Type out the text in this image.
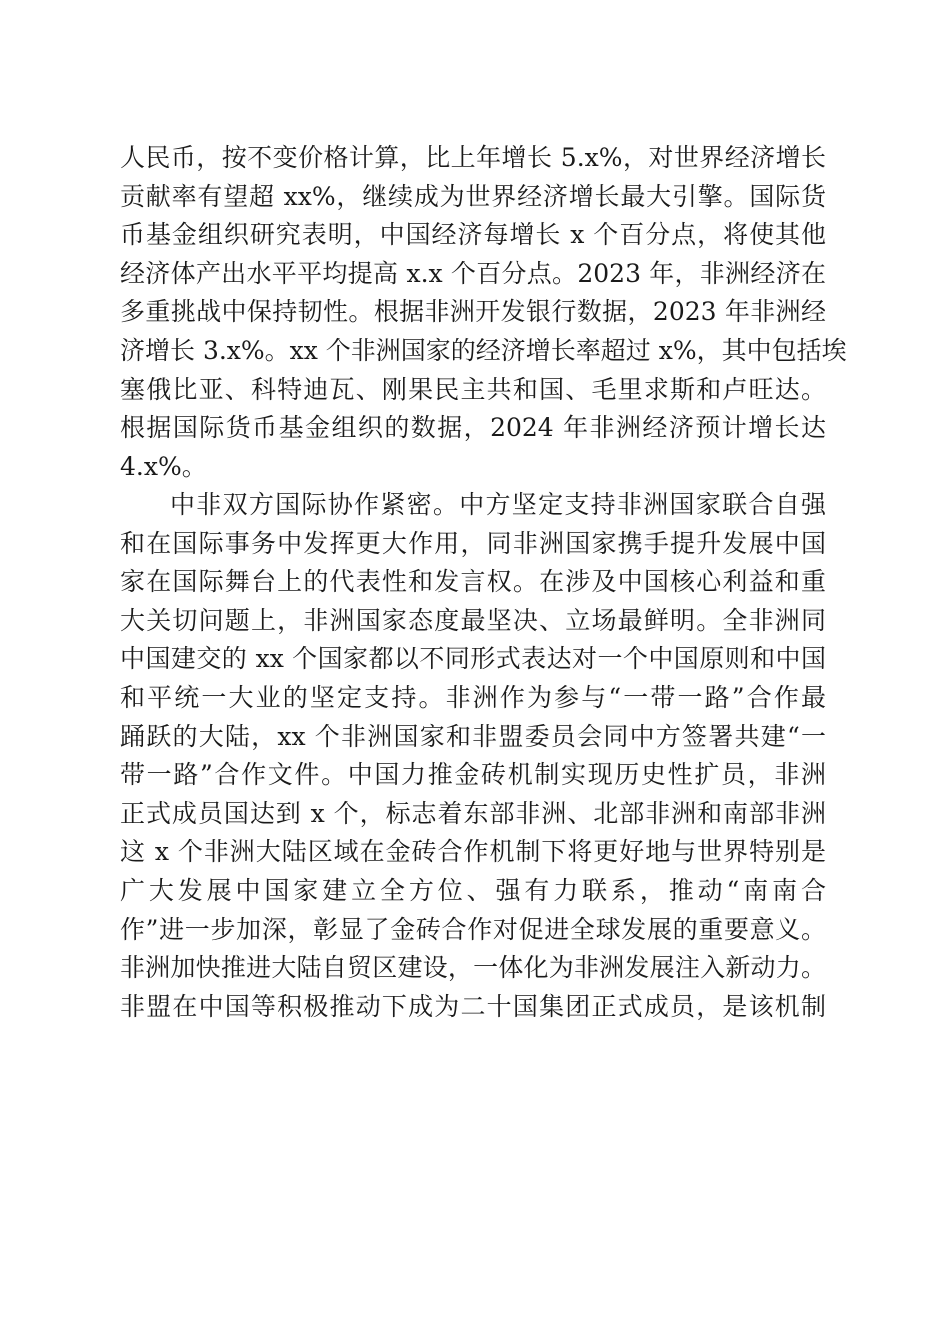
人民币，按不变价格计算，比上年增长 5.x%，对世界经济增长
贡献率有望超 xx%，继续成为世界经济增长最大引擎。国际货
币基金组织研究表明，中国经济每增长 x 个百分点，将使其他
经济体产出水平平均提高 x.x 个百分点。2023 年，非洲经济在
多重挑战中保持韧性。根据非洲开发银行数据，2023 年非洲经
济增长 3.x%。xx 个非洲国家的经济增长率超过 x%，其中包括埃
塞俄比亚、科特迪瓦、刚果民主共和国、毛里求斯和卢旺达。
根据国际货币基金组织的数据，2024 年非洲经济预计增长达
4.x%。
中非双方国际协作紧密。中方坚定支持非洲国家联合自强
和在国际事务中发挥更大作用，同非洲国家携手提升发展中国
家在国际舞台上的代表性和发言权。在涉及中国核心利益和重
大关切问题上，非洲国家态度最坚决、立场最鲜明。全非洲同
中国建交的 xx 个国家都以不同形式表达对一个中国原则和中国
和平统一大业的坚定支持。非洲作为参与“一带一路”合作最
踊跃的大陆，xx 个非洲国家和非盟委员会同中方签署共建“一
带一路”合作文件。中国力推金砖机制实现历史性扩员，非洲
正式成员国达到 x 个，标志着东部非洲、北部非洲和南部非洲
这 x 个非洲大陆区域在金砖合作机制下将更好地与世界特别是
广大发展中国家建立全方位、强有力联系，推动“南南合
作”进一步加深，彰显了金砖合作对促进全球发展的重要意义。
非洲加快推进大陆自贸区建设，一体化为非洲发展注入新动力。
非盟在中国等积极推动下成为二十国集团正式成员，是该机制
